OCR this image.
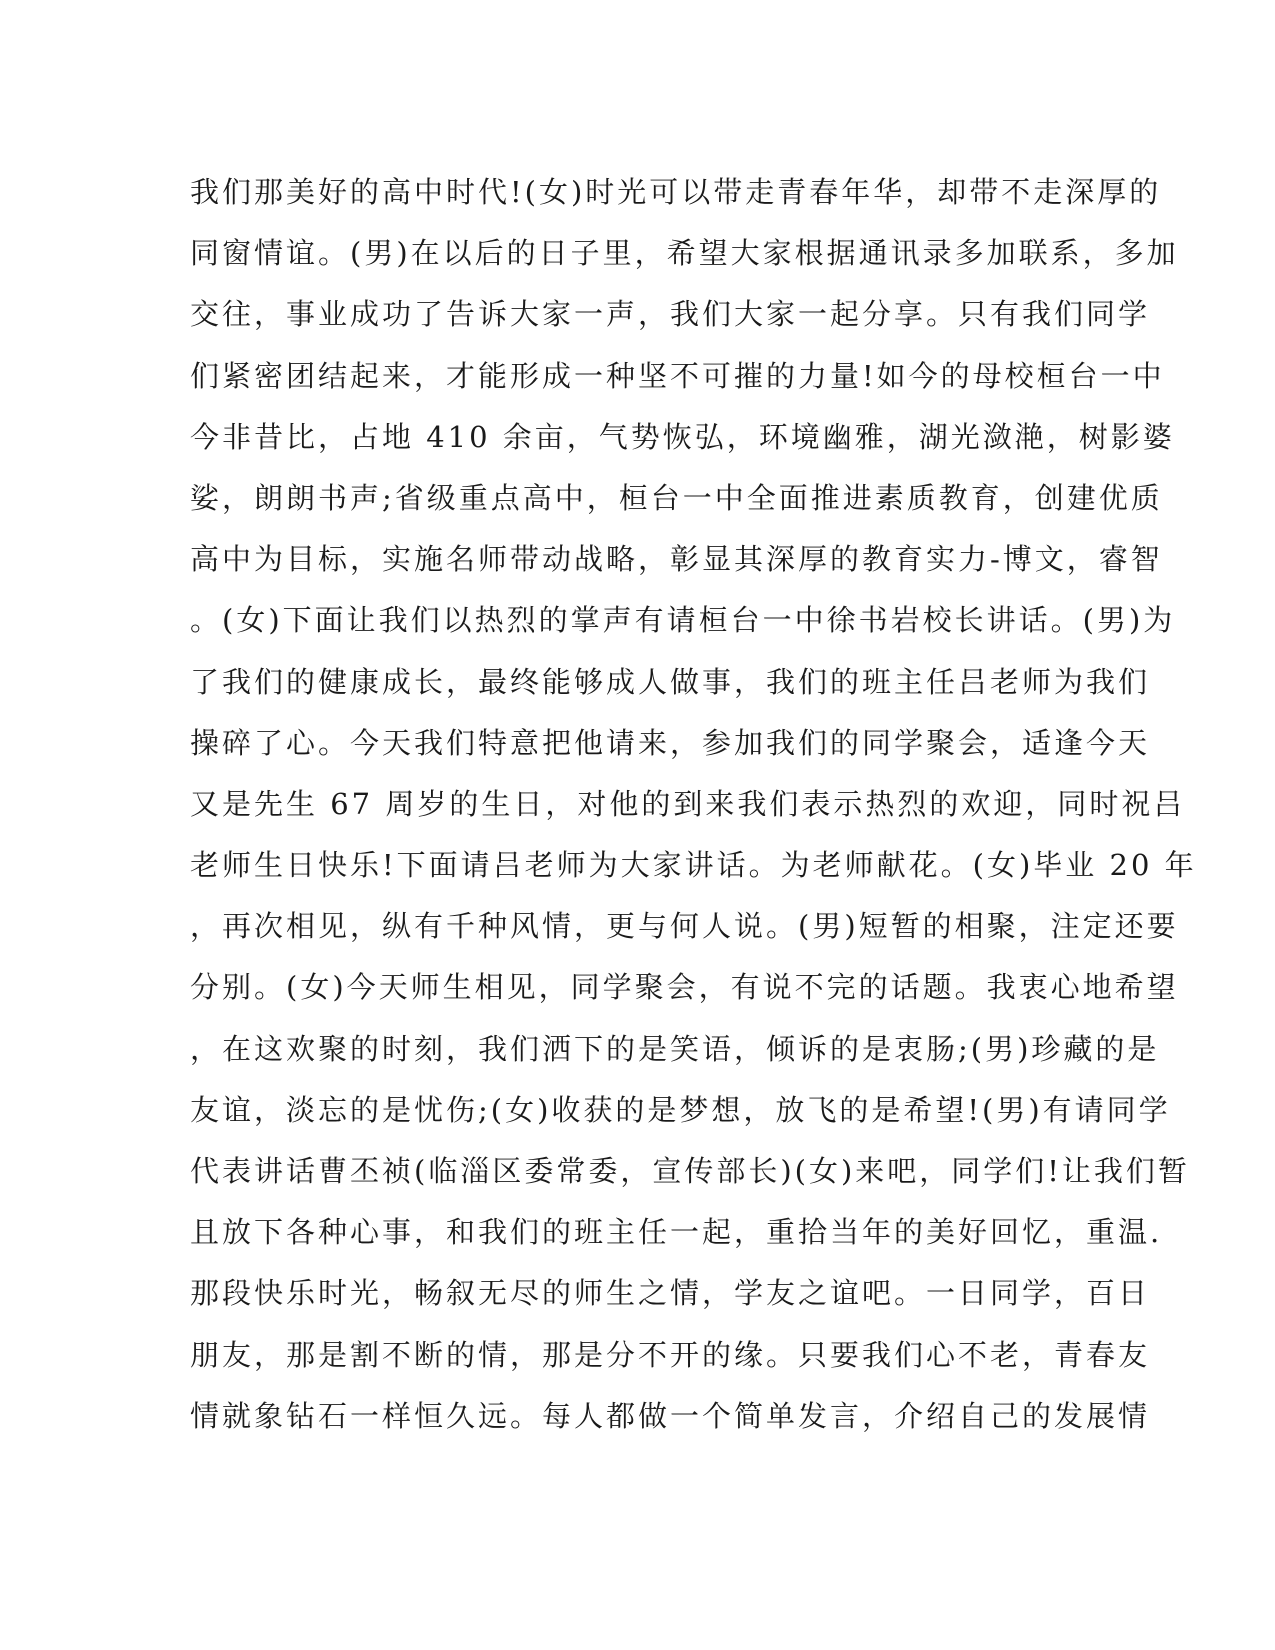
我们那美好的高中时代!(女)时光可以带走青春年华，却带不走深厚的
同窗情谊。(男)在以后的日子里，希望大家根据通讯录多加联系，多加
交往，事业成功了告诉大家一声，我们大家一起分享。只有我们同学
们紧密团结起来，才能形成一种坚不可摧的力量!如今的母校桓台一中
今非昔比，占地 410 余亩，气势恢弘，环境幽雅，湖光潋滟，树影婆
娑，朗朗书声;省级重点高中，桓台一中全面推进素质教育，创建优质
高中为目标，实施名师带动战略，彰显其深厚的教育实力-博文，睿智
。(女)下面让我们以热烈的掌声有请桓台一中徐书岩校长讲话。(男)为
了我们的健康成长，最终能够成人做事，我们的班主任吕老师为我们
操碎了心。今天我们特意把他请来，参加我们的同学聚会，适逢今天
又是先生 67 周岁的生日，对他的到来我们表示热烈的欢迎，同时祝吕
老师生日快乐!下面请吕老师为大家讲话。为老师献花。(女)毕业 20 年
，再次相见，纵有千种风情，更与何人说。(男)短暂的相聚，注定还要
分别。(女)今天师生相见，同学聚会，有说不完的话题。我衷心地希望
，在这欢聚的时刻，我们洒下的是笑语，倾诉的是衷肠;(男)珍藏的是
友谊，淡忘的是忧伤;(女)收获的是梦想，放飞的是希望!(男)有请同学
代表讲话曹丕祯(临淄区委常委，宣传部长)(女)来吧，同学们!让我们暂
且放下各种心事，和我们的班主任一起，重拾当年的美好回忆，重温.
那段快乐时光，畅叙无尽的师生之情，学友之谊吧。一日同学，百日
朋友，那是割不断的情，那是分不开的缘。只要我们心不老，青春友
情就象钻石一样恒久远。每人都做一个简单发言，介绍自己的发展情
